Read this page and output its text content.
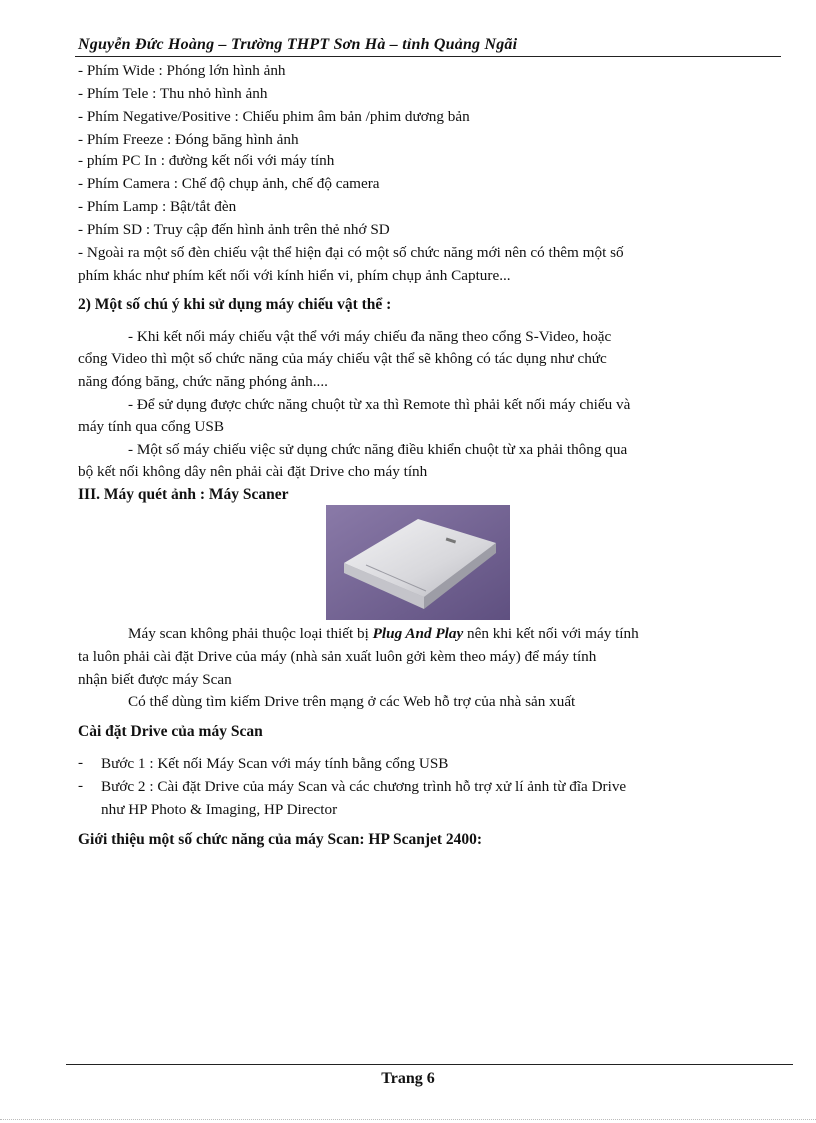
Nguyễn Đức Hoàng – Trường THPT Sơn Hà – tỉnh Quảng Ngãi
- Phím Wide : Phóng lớn hình ảnh
- Phím Tele : Thu nhỏ hình ảnh
- Phím Negative/Positive : Chiếu phim âm bản /phim dương bản
- Phím Freeze : Đóng băng hình ảnh
- phím PC In : đường kết nối với máy tính
- Phím Camera : Chế độ chụp ảnh, chế độ camera
- Phím Lamp : Bật/tắt đèn
- Phím SD : Truy cập đến hình ảnh trên thẻ nhớ SD
- Ngoài ra một số đèn chiếu vật thể hiện đại có một số chức năng mới nên có thêm một số
phím khác như phím kết nối với kính hiển vi, phím chụp ảnh Capture...
2) Một số chú ý khi sử dụng máy chiếu vật thể :
- Khi kết nối máy chiếu vật thể với máy chiếu đa năng theo cổng S-Video, hoặc
cổng Video thì một số chức năng của máy chiếu vật thể sẽ không có tác dụng như chức
năng đóng băng, chức năng phóng ảnh....
- Để sử dụng được chức năng chuột từ xa thì Remote thì phải kết nối máy chiếu và
máy tính qua cổng USB
- Một số máy chiếu việc sử dụng chức năng điều khiển chuột từ xa phải thông qua
bộ kết nối không dây nên phải cài đặt Drive cho máy tính
III. Máy quét ảnh : Máy Scaner
Máy scan không phải thuộc loại thiết bị Plug And Play nên khi kết nối với máy tính
ta luôn phải cài đặt Drive của máy (nhà sản xuất luôn gởi kèm theo máy) để máy tính
nhận biết được máy Scan
Có thể dùng tìm kiếm Drive trên mạng ở các Web hỗ trợ của nhà sản xuất
Cài đặt Drive của máy Scan
- Bước 1 : Kết nối Máy Scan với máy tính bằng cổng USB
- Bước 2 : Cài đặt Drive của máy Scan và các chương trình hỗ trợ xử lí ảnh từ đĩa Drive
như HP Photo & Imaging, HP Director
Giới thiệu một số chức năng của máy Scan: HP Scanjet 2400:
Trang 6
